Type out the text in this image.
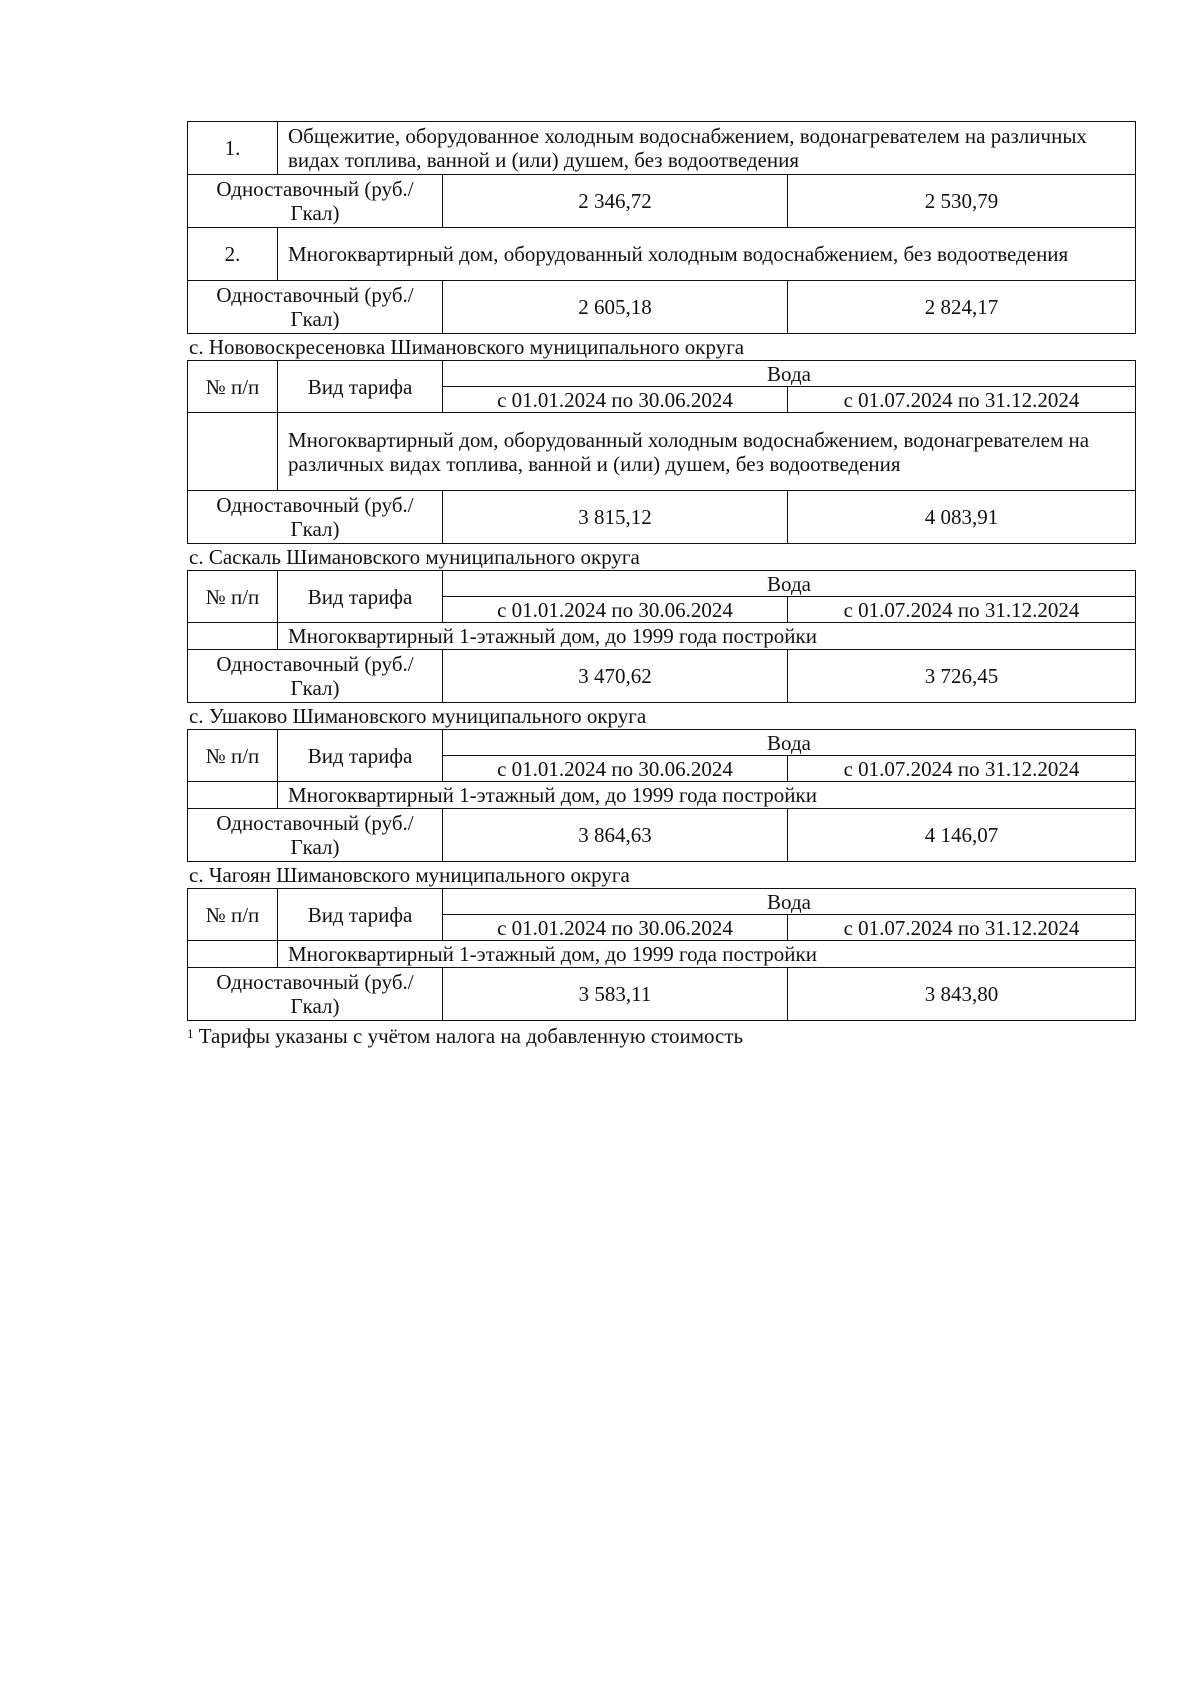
1.	Общежитие, оборудованное холодным водоснабжением, водонагревателем на различных видах топлива, ванной и (или) душем, без водоотведения		
Одноставочный (руб./Гкал)		2 346,72	2 530,79
2.	Многоквартирный дом, оборудованный холодным водоснабжением, без водоотведения		
Одноставочный (руб./Гкал)		2 605,18	2 824,17
с. Нововоскресеновка Шимановского муниципального округа
№ п/п	Вид тарифа	Вода	
		с 01.01.2024 по 30.06.2024	с 01.07.2024 по 31.12.2024
	Многоквартирный дом, оборудованный холодным водоснабжением, водонагревателем на различных видах топлива, ванной и (или) душем, без водоотведения		
Одноставочный (руб./Гкал)		3 815,12	4 083,91
с. Саскаль Шимановского муниципального округа
№ п/п	Вид тарифа	Вода	
		с 01.01.2024 по 30.06.2024	с 01.07.2024 по 31.12.2024
	Многоквартирный 1-этажный дом, до 1999 года постройки		
Одноставочный (руб./Гкал)		3 470,62	3 726,45
с. Ушаково Шимановского муниципального округа
№ п/п	Вид тарифа	Вода	
		с 01.01.2024 по 30.06.2024	с 01.07.2024 по 31.12.2024
	Многоквартирный 1-этажный дом, до 1999 года постройки		
Одноставочный (руб./Гкал)		3 864,63	4 146,07
с. Чагоян Шимановского муниципального округа
№ п/п	Вид тарифа	Вода	
		с 01.01.2024 по 30.06.2024	с 01.07.2024 по 31.12.2024
	Многоквартирный 1-этажный дом, до 1999 года постройки		
Одноставочный (руб./Гкал)		3 583,11	3 843,80
$^1$ Тарифы указаны с учётом налога на добавленную стоимость
